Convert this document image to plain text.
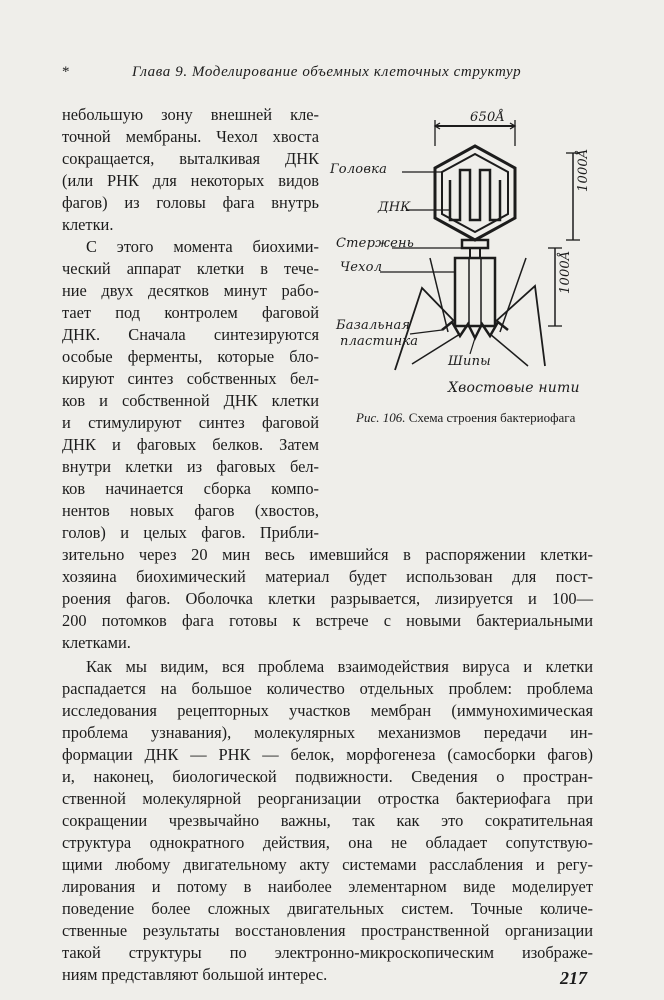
*	Глава 9. Моделирование объемных клеточных структур

небольшую зону внешней кле-

точной мембраны. Чехол хвоста

сокращается, выталкивая ДНК

(или РНК для некоторых видов

фагов) из головы фага внутрь

клетки.

С этого момента биохими-

ческий аппарат клетки в тече-

ние двух десятков минут рабо-

тает под контролем фаговой

ДНК. Сначала синтезируются

особые ферменты, которые бло-

кируют синтез собственных бел-

ков и собственной ДНК клетки

и стимулируют синтез фаговой

ДНК и фаговых белков. Затем

внутри клетки из фаговых бел-

ков начинается сборка компо-

нентов новых фагов (хвостов,

голов) и целых фагов. Прибли-

зительно через 20 мин весь имевшийся в распоряжении клетки-

хозяина биохимический материал будет использован для пост-

роения фагов. Оболочка клетки разрывается, лизируется и 100—

200 потомков фага готовы к встрече с новыми бактериальными

клетками.

Как мы видим, вся проблема взаимодействия вируса и клетки

распадается на большое количество отдельных проблем: проблема

исследования рецепторных участков мембран (иммунохимическая

проблема узнавания), молекулярных механизмов передачи ин-

формации ДНК — РНК — белок, морфогенеза (самосборки фагов)

и, наконец, биологической подвижности. Сведения о простран-

ственной молекулярной реорганизации отростка бактериофага при

сокращении чрезвычайно важны, так как это сократительная

структура однократного действия, она не обладает сопутствую-

щими любому двигательному акту системами расслабления и регу-

лирования и потому в наиболее элементарном виде моделирует

поведение более сложных двигательных систем. Точные количе-

ственные результаты восстановления пространственной организации

такой структуры по электронно-микроскопическим изображе-

ниям представляют большой интерес.

650Å
1000Å
1000Å
Головка
ДНК
Стержень
Чехол
Базальная
пластинка
Шипы
Хвостовые нити
Рис. 106. Схема строения бактериофага
217
